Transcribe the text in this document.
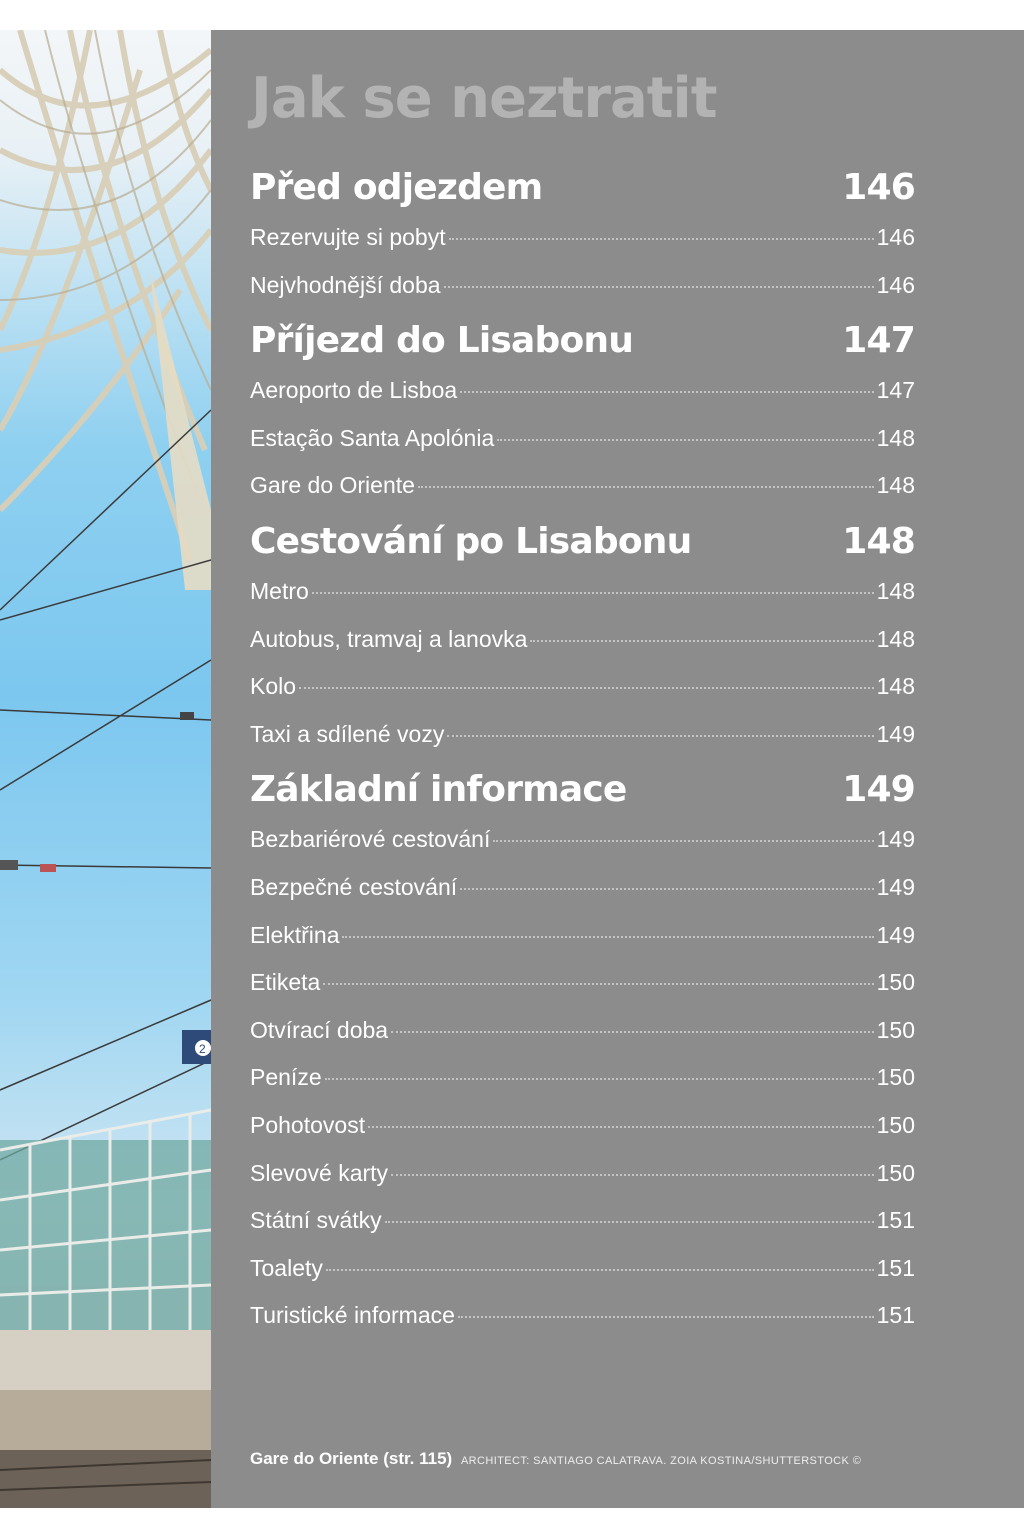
2
Jak se neztratit
Před odjezdem	146
Rezervujte si pobyt	146
Nejvhodnější doba	146
Příjezd do Lisabonu	147
Aeroporto de Lisboa	147
Estação Santa Apolónia	148
Gare do Oriente	148
Cestování po Lisabonu	148
Metro	148
Autobus, tramvaj a lanovka	148
Kolo	148
Taxi a sdílené vozy	149
Základní informace	149
Bezbariérové cestování	149
Bezpečné cestování	149
Elektřina	149
Etiketa	150
Otvírací doba	150
Peníze	150
Pohotovost	150
Slevové karty	150
Státní svátky	151
Toalety	151
Turistické informace	151
Gare do Oriente (str. 115) ARCHITECT: SANTIAGO CALATRAVA. ZOIA KOSTINA/SHUTTERSTOCK ©
